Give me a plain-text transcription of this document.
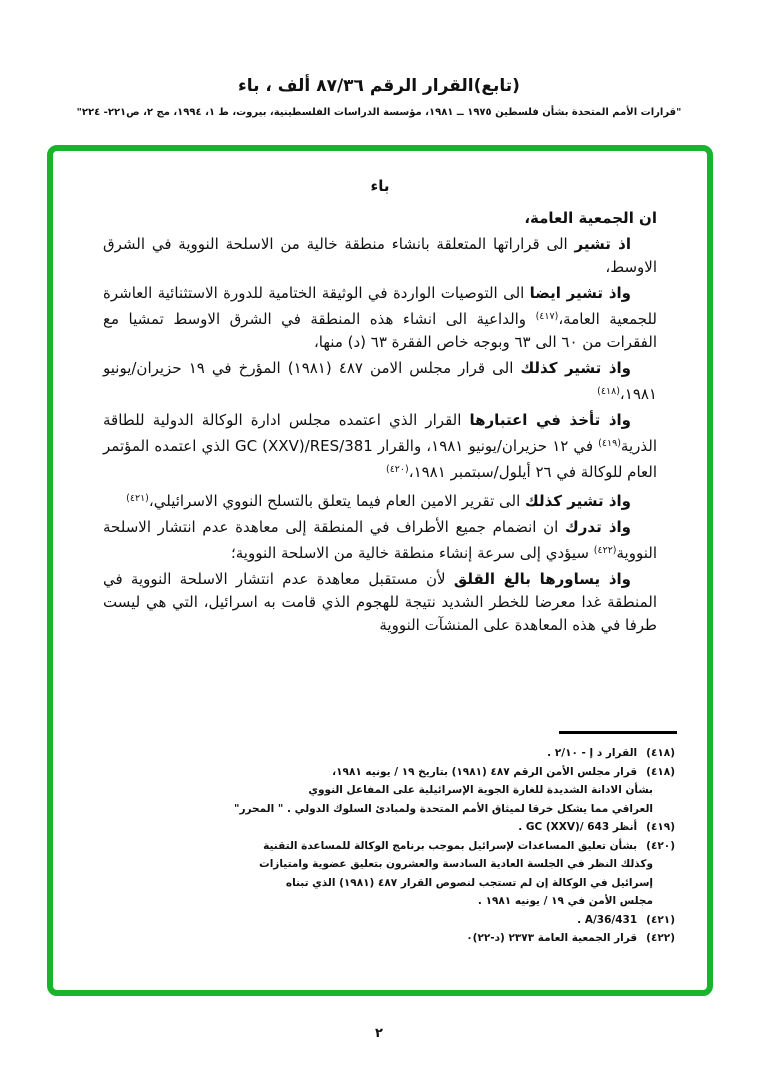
(تابع)القرار الرقم ٨٧/٣٦ ألف ، باء
"قرارات الأمم المتحدة بشأن فلسطين ١٩٧٥ ــ ١٩٨١، مؤسسة الدراسات الفلسطينية، بيروت، ط ١، ١٩٩٤، مج ٢، ص٢٢١- ٢٢٤"
باء
ان الجمعية العامة،
اذ تشير الى قراراتها المتعلقة بانشاء منطقة خالية من الاسلحة النووية في الشرق الاوسط،
واذ تشير ايضا الى التوصيات الواردة في الوثيقة الختامية للدورة الاستثنائية العاشرة للجمعية العامة،$^{(٤١٧)}$ والداعية الى انشاء هذه المنطقة في الشرق الاوسط تمشيا مع الفقرات من ٦٠ الى ٦٣ وبوجه خاص الفقرة ٦٣ (د) منها،
واذ تشير كذلك الى قرار مجلس الامن ٤٨٧ (١٩٨١) المؤرخ في ١٩ حزيران/يونيو ١٩٨١،$^{(٤١٨)}$
واذ تأخذ في اعتبارها القرار الذي اعتمده مجلس ادارة الوكالة الدولية للطاقة الذرية$^{(٤١٩)}$ في ١٢ حزيران/يونيو ١٩٨١، والقرار GC (XXV)/RES/381 الذي اعتمده المؤتمر العام للوكالة في ٢٦ أيلول/سبتمبر ١٩٨١،$^{(٤٢٠)}$
واذ تشير كذلك الى تقرير الامين العام فيما يتعلق بالتسلح النووي الاسرائيلي،$^{(٤٢١)}$
واذ تدرك ان انضمام جميع الأطراف في المنطقة إلى معاهدة عدم انتشار الاسلحة النووية$^{(٤٢٢)}$ سيؤدي إلى سرعة إنشاء منطقة خالية من الاسلحة النووية؛
واذ يساورها بالغ القلق لأن مستقبل معاهدة عدم انتشار الاسلحة النووية في المنطقة غدا معرضا للخطر الشديد نتيجة للهجوم الذي قامت به اسرائيل، التي هي ليست طرفا في هذه المعاهدة على المنشآت النووية
(٤١٨)القرار د إ - ٢/١٠ .
(٤١٨)قرار مجلس الأمن الرقم ٤٨٧ (١٩٨١) بتاريخ ١٩ / يونيه ١٩٨١،
بشأن الادانة الشديدة للغارة الجوية الإسرائيلية على المفاعل النووي
العراقي مما يشكل خرقا لميثاق الأمم المتحدة ولمبادئ السلوك الدولي . " المحرر"
(٤١٩)أنظر GC (XXV)/ 643 .
(٤٢٠)بشأن تعليق المساعدات لإسرائيل بموجب برنامج الوكالة للمساعدة التقنية
وكذلك النظر في الجلسة العادية السادسة والعشرون بتعليق عضوية وامتيازات
إسرائيل في الوكالة إن لم تستجب لنصوص القرار ٤٨٧ (١٩٨١) الذي تبناه
مجلس الأمن في ١٩ / يونيه ١٩٨١ .
(٤٢١)A/36/431 .
(٤٢٢)قرار الجمعية العامة ٢٣٧٣ (د-٢٢)٠
٢
